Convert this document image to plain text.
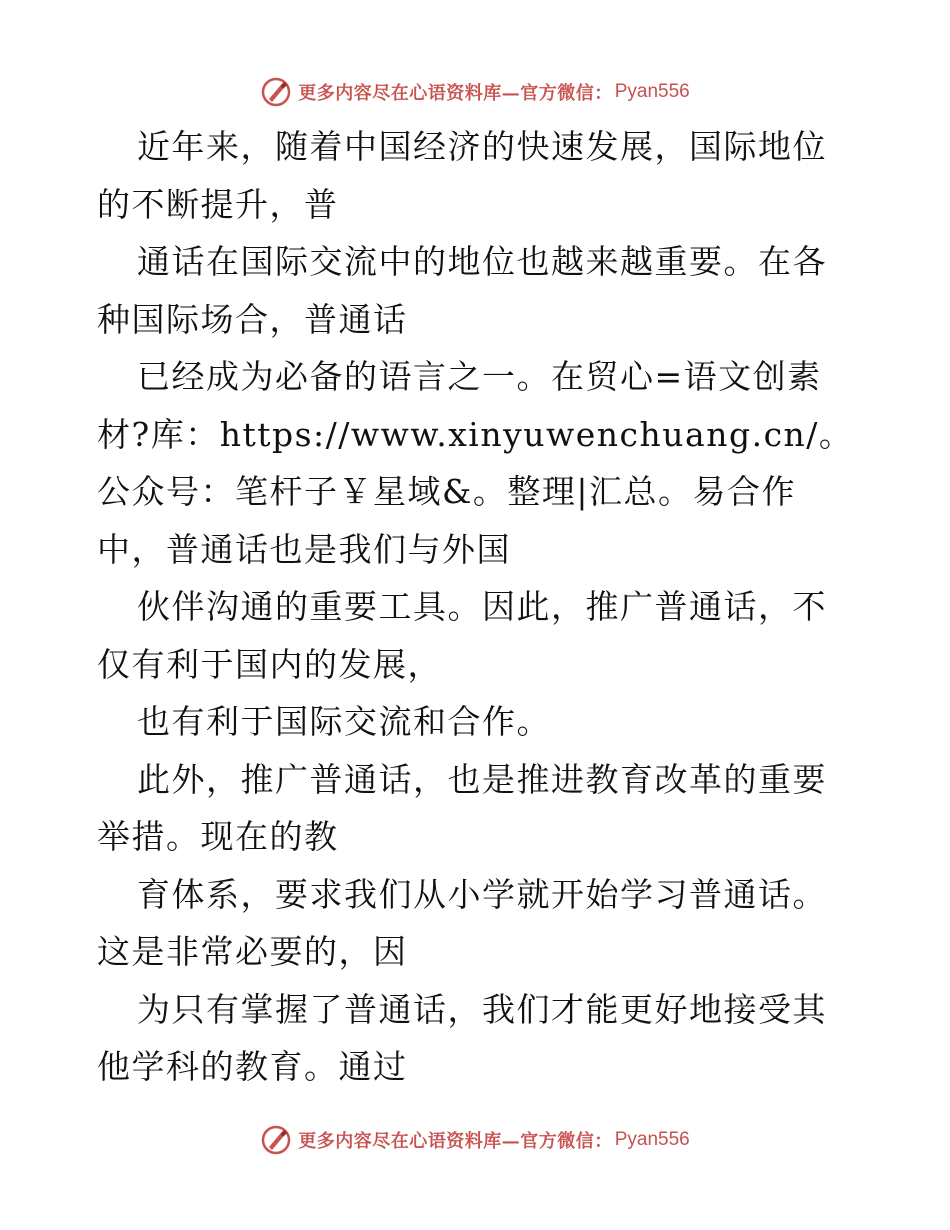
更多内容尽在心语资料库—官方微信： Pyan556

近年来，随着中国经济的快速发展，国际地位的不断提升，普

通话在国际交流中的地位也越来越重要。在各种国际场合，普通话

已经成为必备的语言之一。在贸心=语文创素材?库：https://www.xinyuwenchuang.cn/。公众号：笔杆子￥星域&。整理|汇总。易合作中，普通话也是我们与外国

伙伴沟通的重要工具。因此，推广普通话，不仅有利于国内的发展，

也有利于国际交流和合作。

此外，推广普通话，也是推进教育改革的重要举措。现在的教

育体系，要求我们从小学就开始学习普通话。这是非常必要的，因

为只有掌握了普通话，我们才能更好地接受其他学科的教育。通过

更多内容尽在心语资料库—官方微信： Pyan556
